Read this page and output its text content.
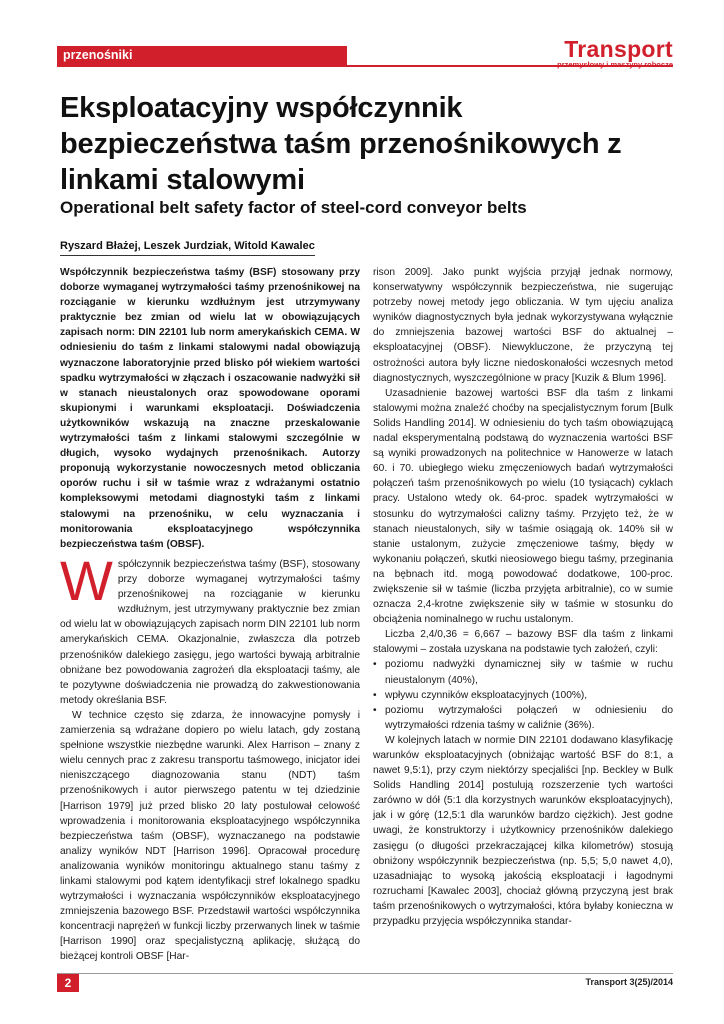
przenośniki	Transport
przemysłowy i maszyny robocze
Eksploatacyjny współczynnik bezpieczeństwa taśm przenośnikowych z linkami stalowymi
Operational belt safety factor of steel-cord conveyor belts
Ryszard Błażej, Leszek Jurdziak, Witold Kawalec

Współczynnik bezpieczeństwa taśmy (BSF) stosowany przy doborze wymaganej wytrzymałości taśmy przenośnikowej na rozciąganie w kierunku wzdłużnym jest utrzymywany praktycznie bez zmian od wielu lat w obowiązujących zapisach norm: DIN 22101 lub norm amerykańskich CEMA. W odniesieniu do taśm z linkami stalowymi nadal obowiązują wyznaczone laboratoryjnie przed blisko pół wiekiem wartości spadku wytrzymałości w złączach i oszacowanie nadwyżki sił w stanach nieustalonych oraz spowodowane oporami skupionymi i warunkami eksploatacji. Doświadczenia użytkowników wskazują na znaczne przeskalowanie wytrzymałości taśm z linkami stalowymi szczególnie w długich, wysoko wydajnych przenośnikach. Autorzy proponują wykorzystanie nowoczesnych metod obliczania oporów ruchu i sił w taśmie wraz z wdrażanymi ostatnio kompleksowymi metodami diagnostyki taśm z linkami stalowymi na przenośniku, w celu wyznaczania i monitorowania eksploatacyjnego współczynnika bezpieczeństwa taśm (OBSF).

Współczynnik bezpieczeństwa taśmy (BSF), stosowany przy doborze wymaganej wytrzymałości taśmy przenośnikowej na rozciąganie w kierunku wzdłużnym, jest utrzymywany praktycznie bez zmian od wielu lat w obowiązujących zapisach norm DIN 22101 lub norm amerykańskich CEMA. Okazjonalnie, zwłaszcza dla potrzeb przenośników dalekiego zasięgu, jego wartości bywają arbitralnie obniżane bez powodowania zagrożeń dla eksploatacji taśmy, ale te pozytywne doświadczenia nie prowadzą do zakwestionowania metody określania BSF.

W technice często się zdarza, że innowacyjne pomysły i zamierzenia są wdrażane dopiero po wielu latach, gdy zostaną spełnione wszystkie niezbędne warunki. Alex Harrison – znany z wielu cennych prac z zakresu transportu taśmowego, inicjator idei nieniszczącego diagnozowania stanu (NDT) taśm przenośnikowych i autor pierwszego patentu w tej dziedzinie [Harrison 1979] już przed blisko 20 laty postulował celowość wprowadzenia i monitorowania eksploatacyjnego współczynnika bezpieczeństwa taśm (OBSF), wyznaczanego na podstawie analizy wyników NDT [Harrison 1996]. Opracował procedurę analizowania wyników monitoringu aktualnego stanu taśmy z linkami stalowymi pod kątem identyfikacji stref lokalnego spadku wytrzymałości i wyznaczania współczynników eksploatacyjnego zmniejszenia bazowego BSF. Przedstawił wartości współczynnika koncentracji naprężeń w funkcji liczby przerwanych linek w taśmie [Harrison 1990] oraz specjalistyczną aplikację, służącą do bieżącej kontroli OBSF [Har-

rison 2009]. Jako punkt wyjścia przyjął jednak normowy, konserwatywny współczynnik bezpieczeństwa, nie sugerując potrzeby nowej metody jego obliczania. W tym ujęciu analiza wyników diagnostycznych była jednak wykorzystywana wyłącznie do zmniejszenia bazowej wartości BSF do aktualnej – eksploatacyjnej (OBSF). Niewykluczone, że przyczyną tej ostrożności autora były liczne niedoskonałości wczesnych metod diagnostycznych, wyszczególnione w pracy [Kuzik & Blum 1996].

Uzasadnienie bazowej wartości BSF dla taśm z linkami stalowymi można znaleźć choćby na specjalistycznym forum [Bulk Solids Handling 2014]. W odniesieniu do tych taśm obowiązującą nadal eksperymentalną podstawą do wyznaczenia wartości BSF są wyniki prowadzonych na politechnice w Hanowerze w latach 60. i 70. ubiegłego wieku zmęczeniowych badań wytrzymałości połączeń taśm przenośnikowych po wielu (10 tysiącach) cyklach pracy. Ustalono wtedy ok. 64-proc. spadek wytrzymałości w stosunku do wytrzymałości calizny taśmy. Przyjęto też, że w stanach nieustalonych, siły w taśmie osiągają ok. 140% sił w stanie ustalonym, zużycie zmęczeniowe taśmy, błędy w wykonaniu połączeń, skutki nieosiowego biegu taśmy, przeginania na bębnach itd. mogą powodować dodatkowe, 100-proc. zwiększenie sił w taśmie (liczba przyjęta arbitralnie), co w sumie oznacza 2,4-krotne zwiększenie siły w taśmie w stosunku do obciążenia nominalnego w ruchu ustalonym.

Liczba 2,4/0,36 = 6,667 – bazowy BSF dla taśm z linkami stalowymi – została uzyskana na podstawie tych założeń, czyli:

• poziomu nadwyżki dynamicznej siły w taśmie w ruchu nieustalonym (40%),
• wpływu czynników eksploatacyjnych (100%),
• poziomu wytrzymałości połączeń w odniesieniu do wytrzymałości rdzenia taśmy w caliźnie (36%).

W kolejnych latach w normie DIN 22101 dodawano klasyfikację warunków eksploatacyjnych (obniżając wartość BSF do 8:1, a nawet 9,5:1), przy czym niektórzy specjaliści [np. Beckley w Bulk Solids Handling 2014] postulują rozszerzenie tych wartości zarówno w dół (5:1 dla korzystnych warunków eksploatacyjnych), jak i w górę (12,5:1 dla warunków bardzo ciężkich). Jest godne uwagi, że konstruktorzy i użytkownicy przenośników dalekiego zasięgu (o długości przekraczającej kilka kilometrów) stosują obniżony współczynnik bezpieczeństwa (np. 5,5; 5,0 nawet 4,0), uzasadniając to wysoką jakością eksploatacji i łagodnymi rozruchami [Kawalec 2003], chociaż główną przyczyną jest brak taśm przenośnikowych o wytrzymałości, która byłaby konieczna w przypadku przyjęcia współczynnika standar-

2	Transport 3(25)/2014
